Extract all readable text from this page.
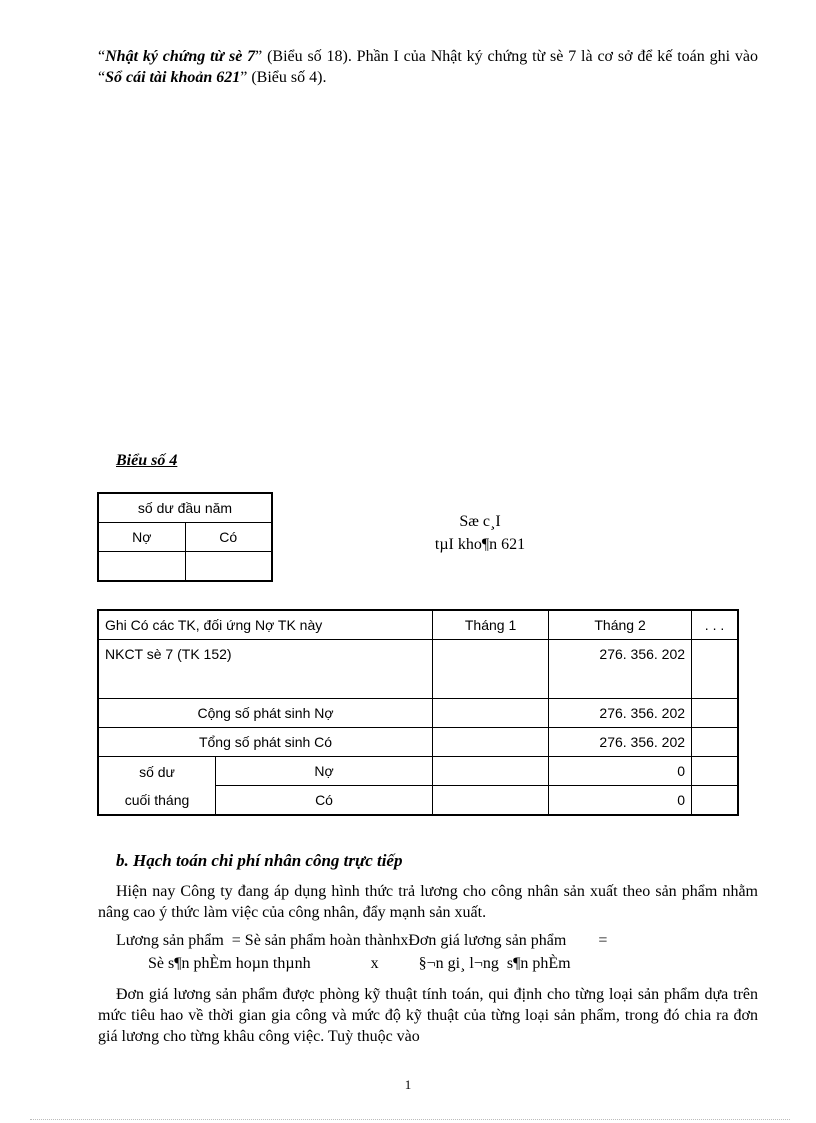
“Nhật ký chứng từ sè 7” (Biểu số 18). Phần I của Nhật ký chứng từ sè 7 là cơ sở để kế toán ghi vào “Sổ cái tài khoản 621” (Biểu số 4).
Biểu số 4
số dư đầu năm	
Nợ	Có

Sæ c¸I
tµI kho¶n 621
Ghi Có các TK, đối ứng Nợ TK này		Tháng 1	Tháng 2	. . .
NKCT sè 7 (TK 152)			276. 356. 202	
Cộng số phát sinh Nợ			276. 356. 202	
Tổng số phát sinh Có			276. 356. 202	

số dư
cuối tháng	Nợ		0	
	Có		0	
b. Hạch toán chi phí nhân công trực tiếp
Hiện nay Công ty đang áp dụng hình thức trả lương cho công nhân sản xuất theo sản phẩm nhằm nâng cao ý thức làm việc của công nhân, đẩy mạnh sản xuất.
Lương sản phẩm  = Sè sản phẩm hoàn thànhxĐơn giá lương sản phẩm        =
Sè s¶n phÈm hoµn thµnh               x          §¬n gi¸ l¬ng  s¶n phÈm
Đơn giá lương sản phẩm được phòng kỹ thuật tính toán, qui định cho từng loại sản phẩm dựa trên mức tiêu hao về thời gian gia công và mức độ kỹ thuật của từng loại sản phẩm, trong đó chia ra đơn giá lương cho từng khâu công việc. Tuỳ thuộc vào
1
